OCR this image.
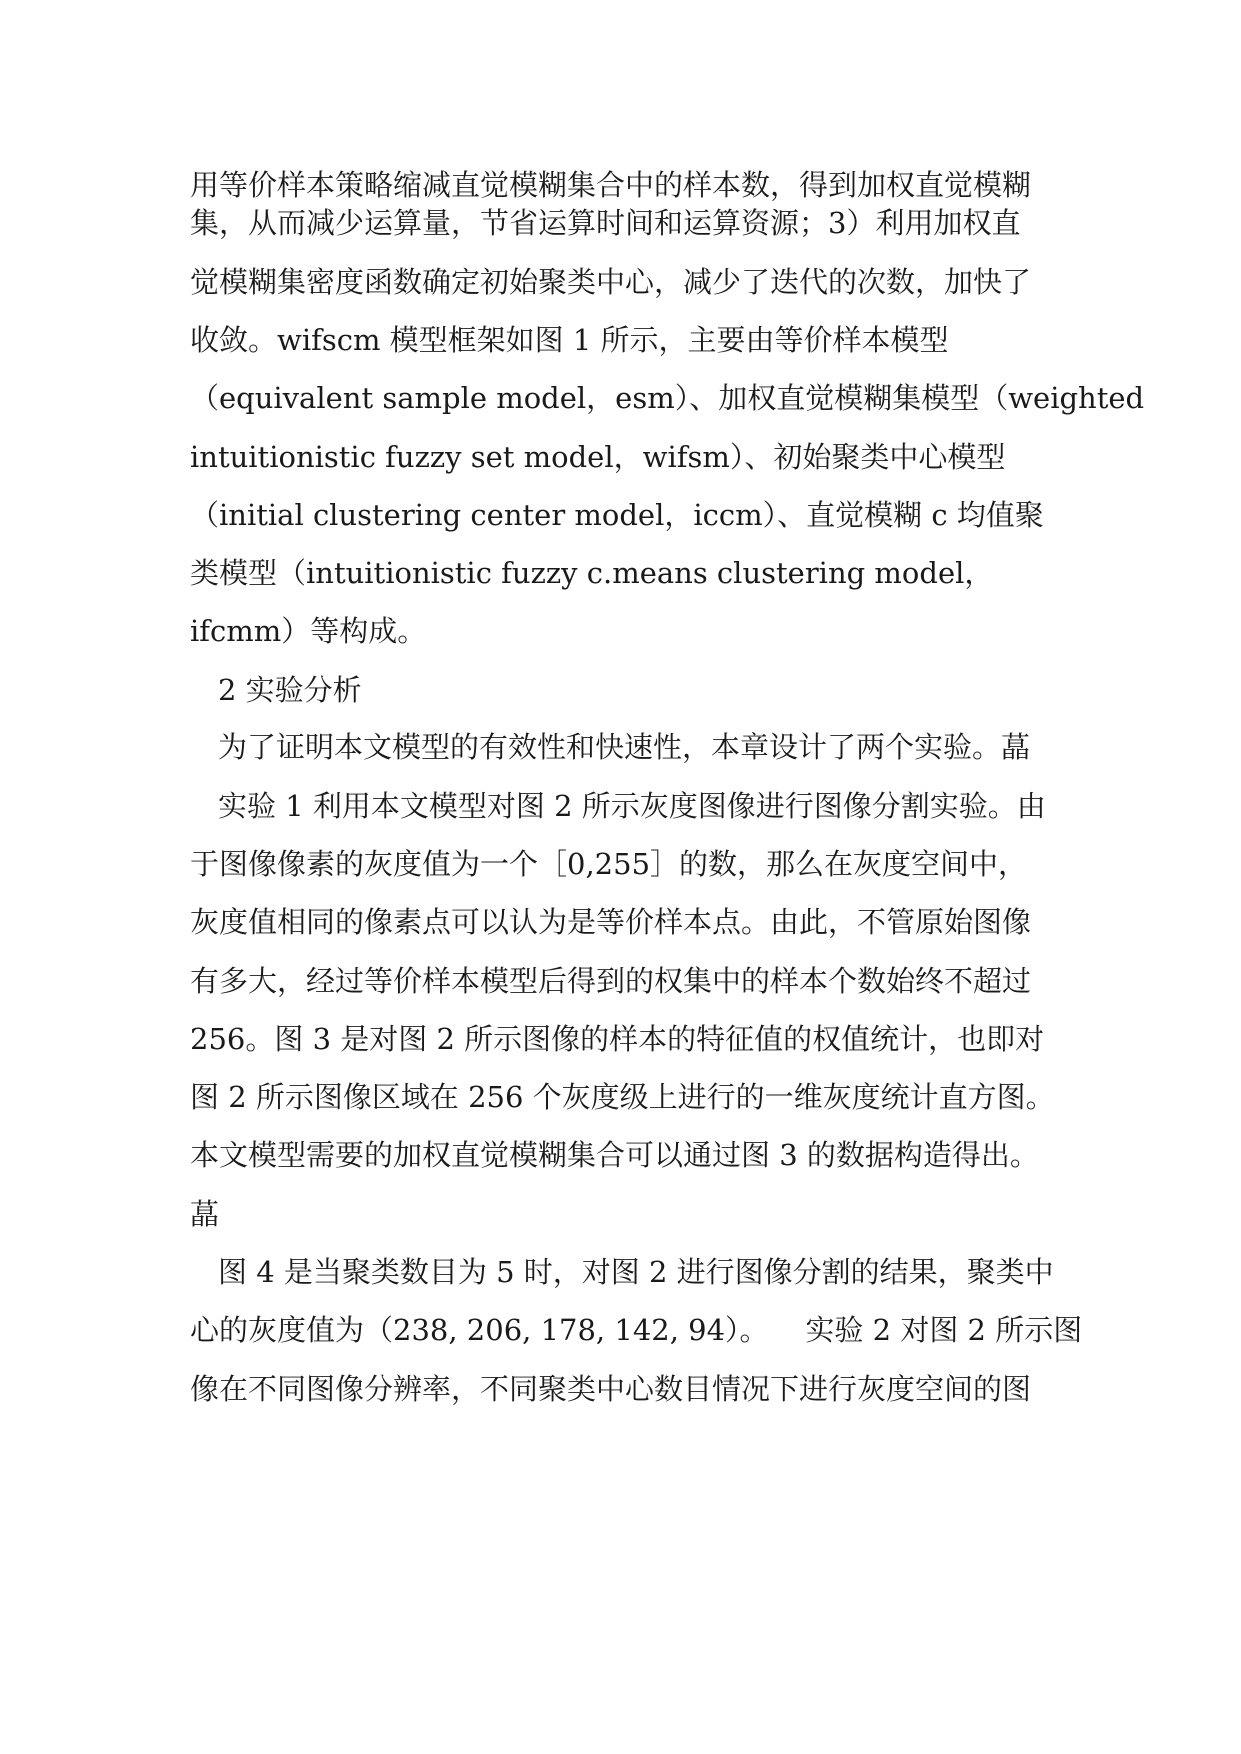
用等价样本策略缩减直觉模糊集合中的样本数，得到加权直觉模糊

集，从而减少运算量，节省运算时间和运算资源；3）利用加权直

觉模糊集密度函数确定初始聚类中心，减少了迭代的次数，加快了

收敛。wifscm 模型框架如图 1 所示，主要由等价样本模型

（equivalent sample model，esm）、加权直觉模糊集模型（weighted

intuitionistic fuzzy set model，wifsm）、初始聚类中心模型

（initial clustering center model，iccm）、直觉模糊 c 均值聚

类模型（intuitionistic fuzzy c.means clustering model，

ifcmm）等构成。

2 实验分析

为了证明本文模型的有效性和快速性，本章设计了两个实验。蕌

实验 1 利用本文模型对图 2 所示灰度图像进行图像分割实验。由

于图像像素的灰度值为一个［0,255］的数，那么在灰度空间中，

灰度值相同的像素点可以认为是等价样本点。由此，不管原始图像

有多大，经过等价样本模型后得到的权集中的样本个数始终不超过

256。图 3 是对图 2 所示图像的样本的特征值的权值统计，也即对

图 2 所示图像区域在 256 个灰度级上进行的一维灰度统计直方图。

本文模型需要的加权直觉模糊集合可以通过图 3 的数据构造得出。

蕌

图 4 是当聚类数目为 5 时，对图 2 进行图像分割的结果，聚类中

心的灰度值为（238, 206, 178, 142, 94）。    实验 2 对图 2 所示图

像在不同图像分辨率，不同聚类中心数目情况下进行灰度空间的图
